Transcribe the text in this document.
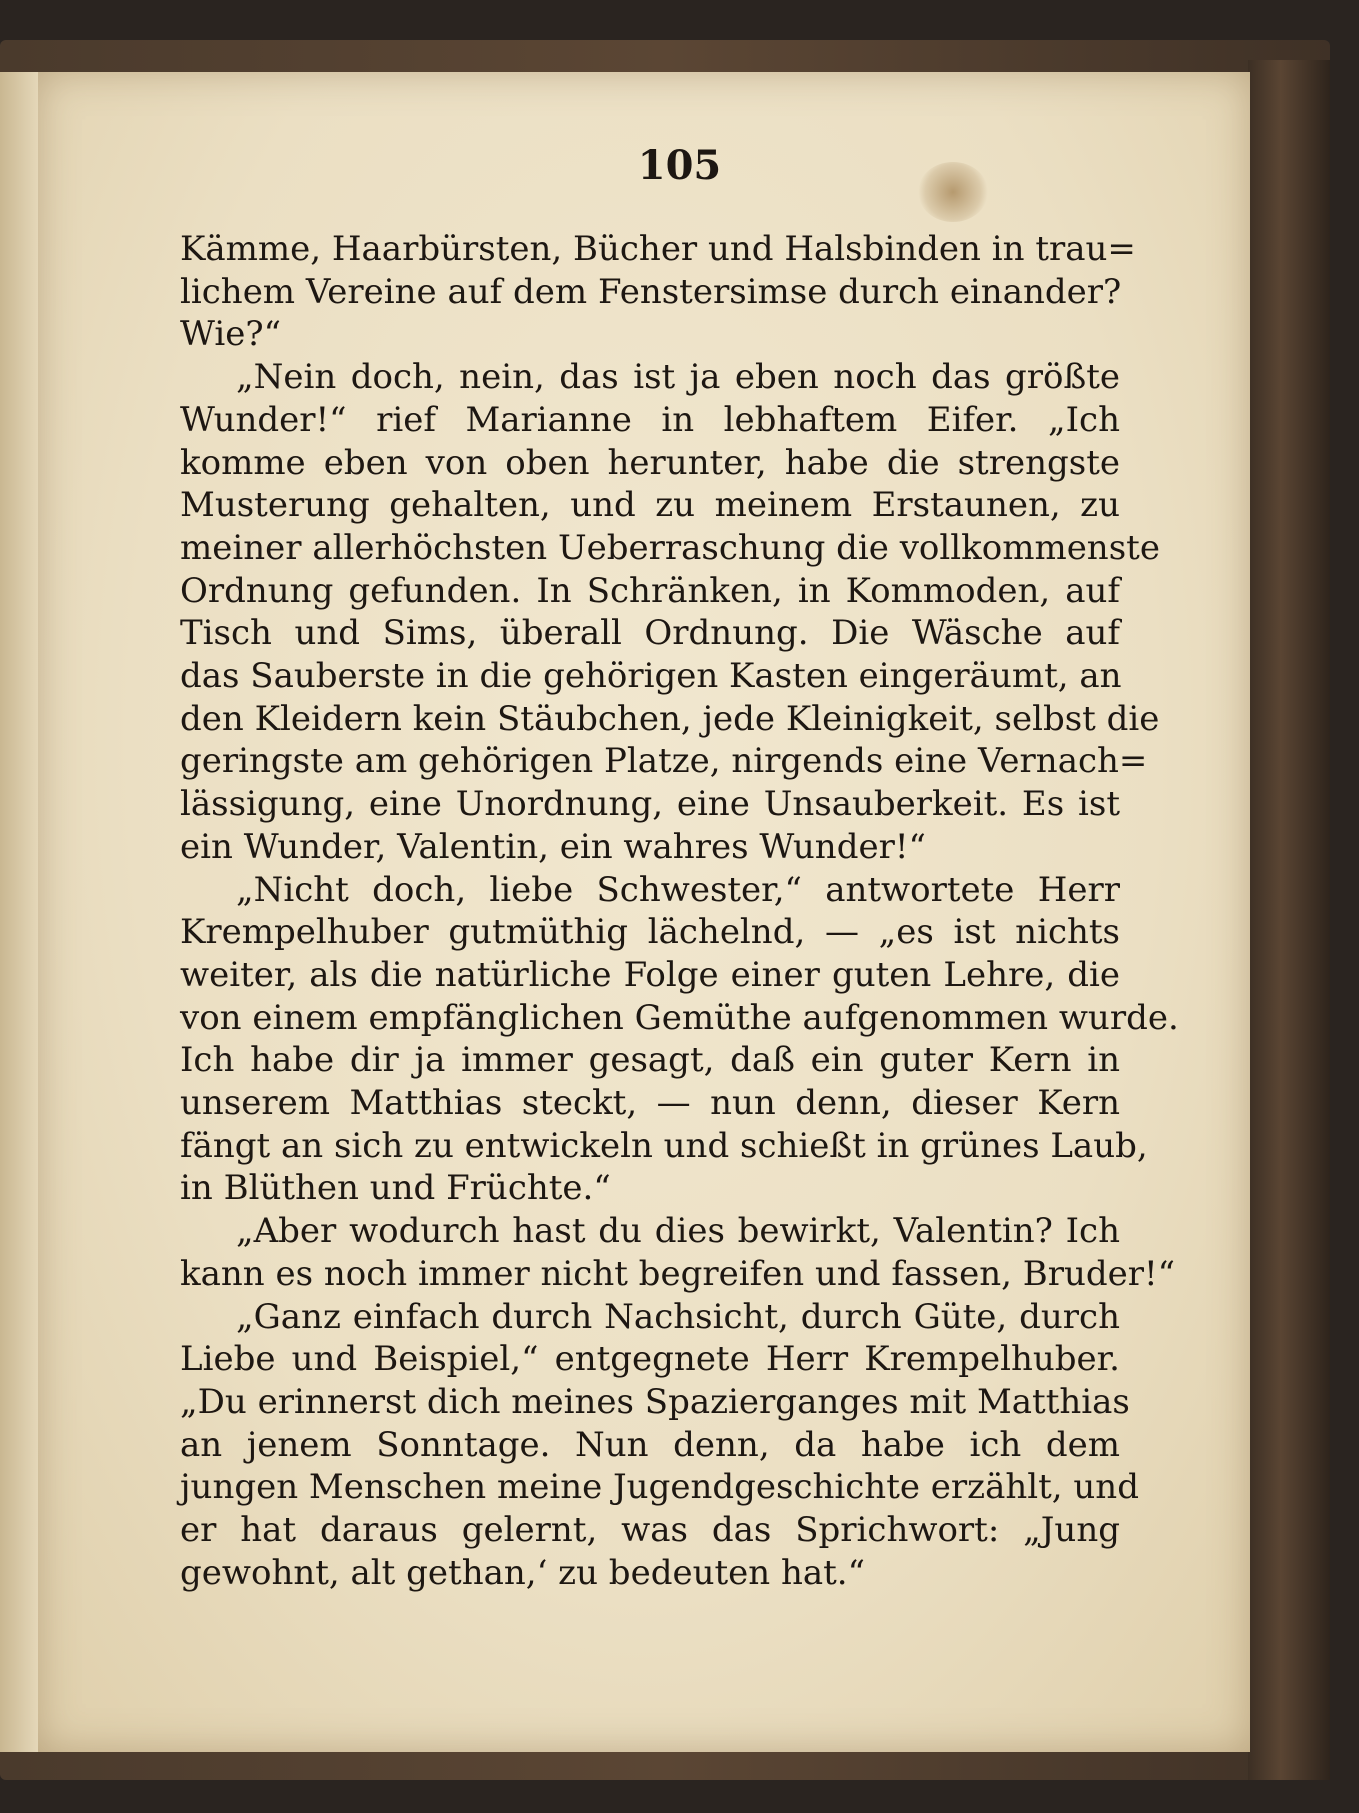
105
Kämme, Haarbürsten, Bücher und Halsbinden in trau=
lichem Vereine auf dem Fenstersimse durch einander?
Wie?“
„Nein doch, nein, das ist ja eben noch das größte
Wunder!“ rief Marianne in lebhaftem Eifer. „Ich
komme eben von oben herunter, habe die strengste
Musterung gehalten, und zu meinem Erstaunen, zu
meiner allerhöchsten Ueberraschung die vollkommenste
Ordnung gefunden. In Schränken, in Kommoden, auf
Tisch und Sims, überall Ordnung. Die Wäsche auf
das Sauberste in die gehörigen Kasten eingeräumt, an
den Kleidern kein Stäubchen, jede Kleinigkeit, selbst die
geringste am gehörigen Platze, nirgends eine Vernach=
lässigung, eine Unordnung, eine Unsauberkeit. Es ist
ein Wunder, Valentin, ein wahres Wunder!“
„Nicht doch, liebe Schwester,“ antwortete Herr
Krempelhuber gutmüthig lächelnd, — „es ist nichts
weiter, als die natürliche Folge einer guten Lehre, die
von einem empfänglichen Gemüthe aufgenommen wurde.
Ich habe dir ja immer gesagt, daß ein guter Kern in
unserem Matthias steckt, — nun denn, dieser Kern
fängt an sich zu entwickeln und schießt in grünes Laub,
in Blüthen und Früchte.“
„Aber wodurch hast du dies bewirkt, Valentin? Ich
kann es noch immer nicht begreifen und fassen, Bruder!“
„Ganz einfach durch Nachsicht, durch Güte, durch
Liebe und Beispiel,“ entgegnete Herr Krempelhuber.
„Du erinnerst dich meines Spazierganges mit Matthias
an jenem Sonntage. Nun denn, da habe ich dem
jungen Menschen meine Jugendgeschichte erzählt, und
er hat daraus gelernt, was das Sprichwort: „Jung
gewohnt, alt gethan,‘ zu bedeuten hat.“
